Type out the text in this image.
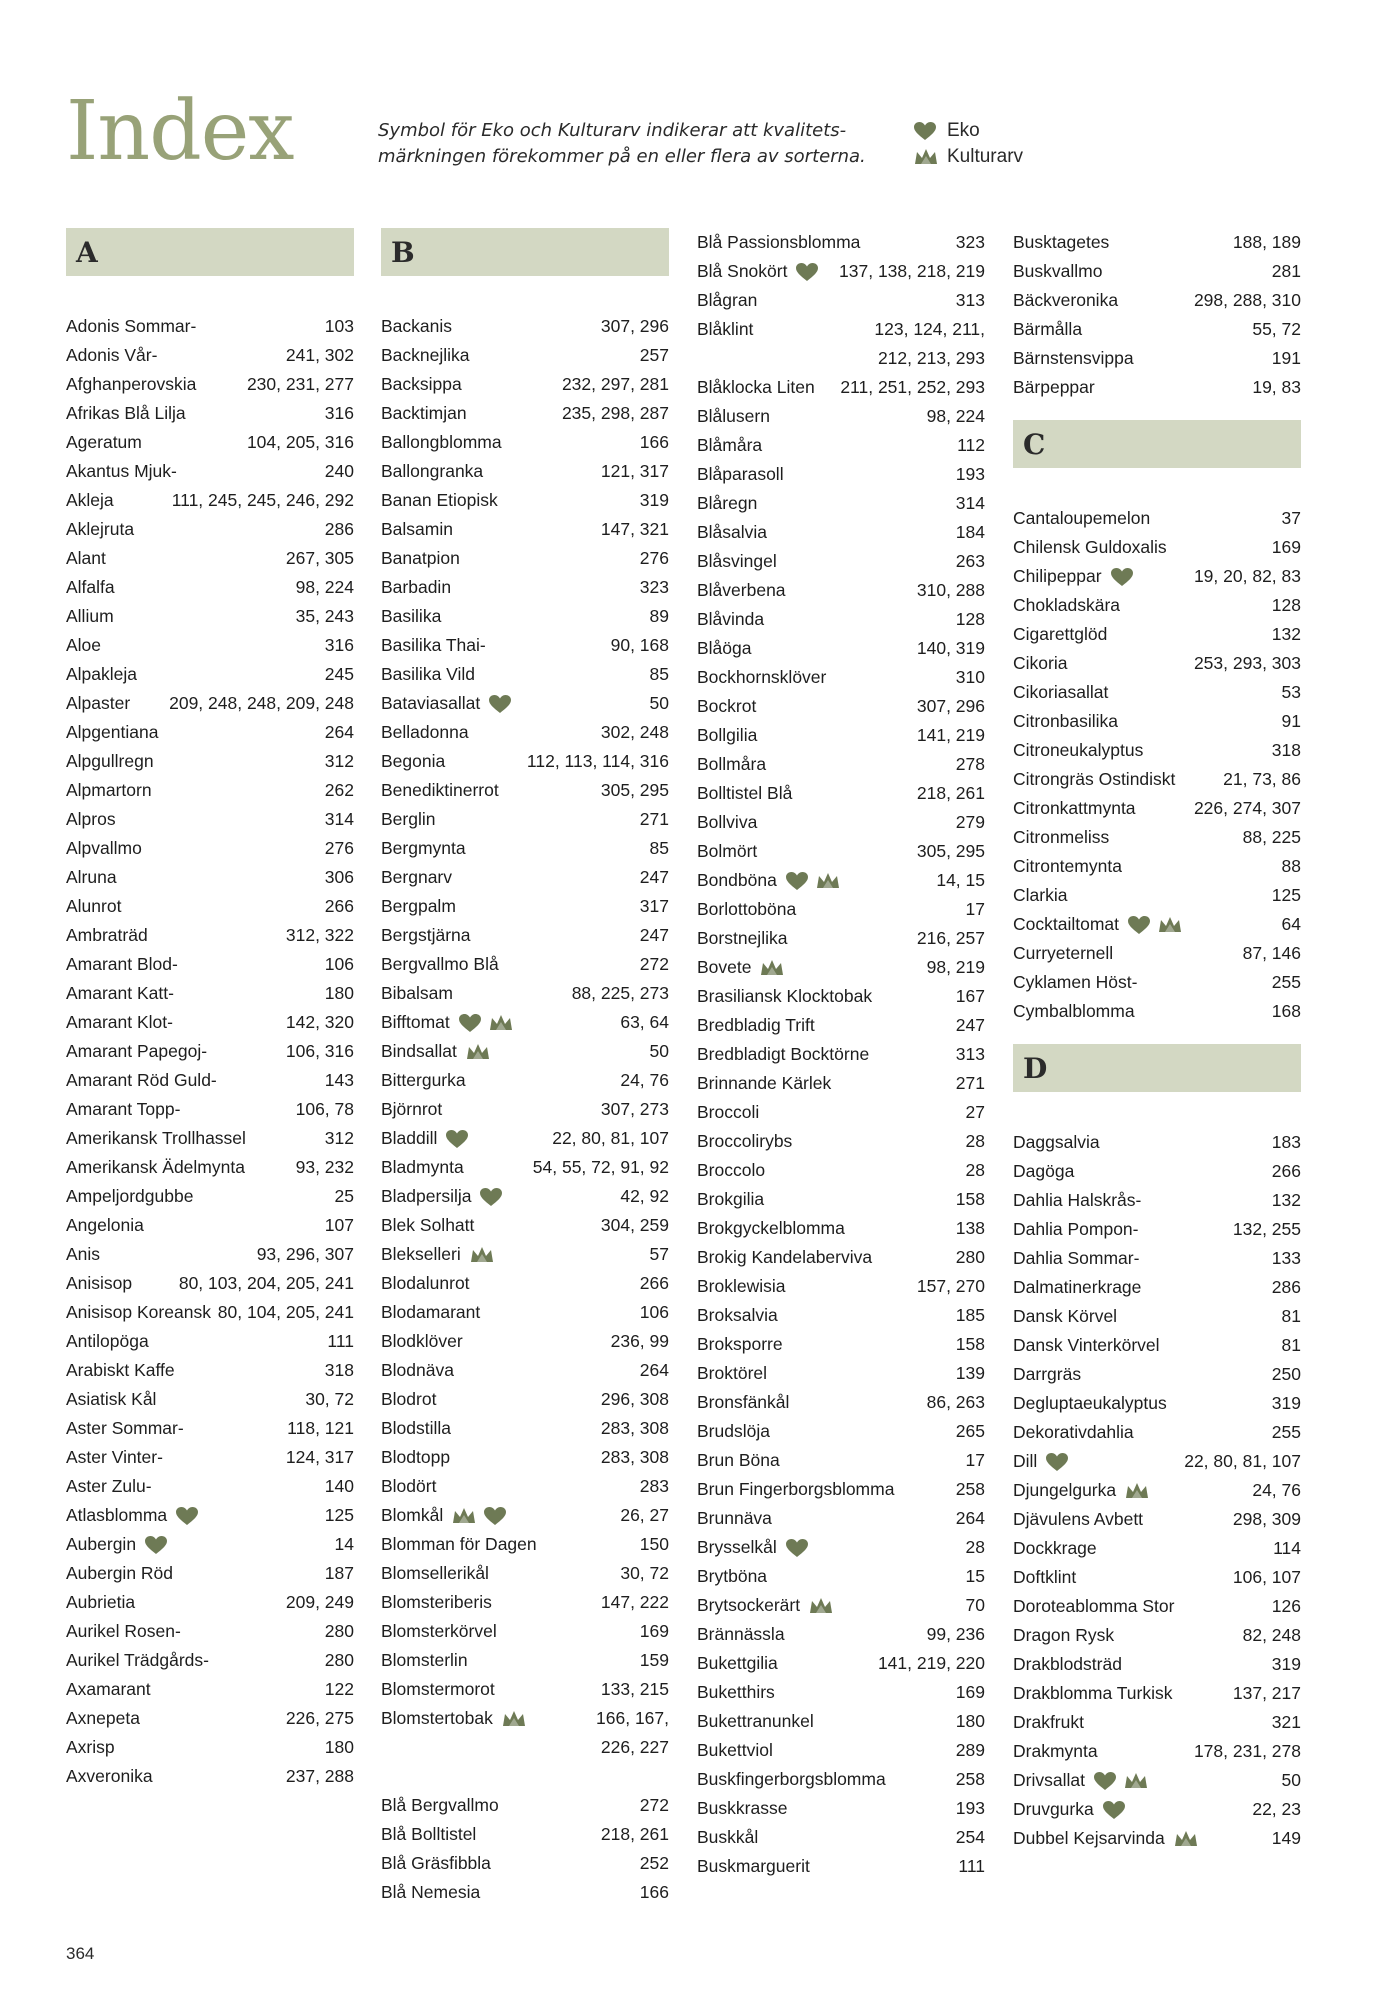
Index	Symbol för Eko och Kulturarv indikerar att kvalitets-
märkningen förekommer på en eller flera av sorterna.
Eko
Kulturarv
A
Adonis Sommar-	103
Adonis Vår-	241, 302
Afghanperovskia	230, 231, 277
Afrikas Blå Lilja	316
Ageratum	104, 205, 316
Akantus Mjuk-	240
Akleja	111, 245, 245, 246, 292
Aklejruta	286
Alant	267, 305
Alfalfa	98, 224
Allium	35, 243
Aloe	316
Alpakleja	245
Alpaster 209, 248, 248, 209, 248
Alpgentiana	264
Alpgullregn	312
Alpmartorn	262
Alpros	314
Alpvallmo	276
Alruna	306
Alunrot	266
Ambraträd	312, 322
Amarant Blod-	106
Amarant Katt-	180
Amarant Klot-	142, 320
Amarant Papegoj-	106, 316
Amarant Röd Guld-	143
Amarant Topp-	106, 78
Amerikansk Trollhassel	312
Amerikansk Ädelmynta	93, 232
Ampeljordgubbe	25
Angelonia	107
Anis	93, 296, 307
Anisisop	80, 103, 204, 205, 241
Anisisop Koreansk 80, 104, 205, 241
Antilopöga	111
Arabiskt Kaffe	318
Asiatisk Kål	30, 72
Aster Sommar-	118, 121
Aster Vinter-	124, 317
Aster Zulu-	140
Atlasblomma	125
Aubergin	14
Aubergin Röd	187
Aubrietia	209, 249
Aurikel Rosen-	280
Aurikel Trädgårds-	280
Axamarant	122
Axnepeta	226, 275
Axrisp	180
Axveronika	237, 288
B
Backanis	307, 296
Backnejlika	257
Backsippa	232, 297, 281
Backtimjan	235, 298, 287
Ballongblomma	166
Ballongranka	121, 317
Banan Etiopisk	319
Balsamin	147, 321
Banatpion	276
Barbadin	323
Basilika	89
Basilika Thai-	90, 168
Basilika Vild	85
Bataviasallat	50
Belladonna	302, 248
Begonia	112, 113, 114, 316
Benediktinerrot	305, 295
Berglin	271
Bergmynta	85
Bergnarv	247
Bergpalm	317
Bergstjärna	247
Bergvallmo Blå	272
Bibalsam	88, 225, 273
Bifftomat	63, 64
Bindsallat	50
Bittergurka	24, 76
Björnrot	307, 273
Bladdill	22, 80, 81, 107
Bladmynta	54, 55, 72, 91, 92
Bladpersilja	42, 92
Blek Solhatt	304, 259
Blekselleri	57
Blodalunrot	266
Blodamarant	106
Blodklöver	236, 99
Blodnäva	264
Blodrot	296, 308
Blodstilla	283, 308
Blodtopp	283, 308
Blodört	283
Blomkål	26, 27
Blomman för Dagen	150
Blomsellerikål	30, 72
Blomsteriberis	147, 222
Blomsterkörvel	169
Blomsterlin	159
Blomstermorot	133, 215
Blomstertobak	166, 167,
226, 227
Blå Bergvallmo	272
Blå Bolltistel	218, 261
Blå Gräsfibbla	252
Blå Nemesia	166
Blå Passionsblomma	323
Blå Snokört	137, 138, 218, 219
Blågran	313
Blåklint	123, 124, 211,
212, 213, 293
Blåklocka Liten 211, 251, 252, 293
Blålusern	98, 224
Blåmåra	112
Blåparasoll	193
Blåregn	314
Blåsalvia	184
Blåsvingel	263
Blåverbena	310, 288
Blåvinda	128
Blåöga	140, 319
Bockhornsklöver	310
Bockrot	307, 296
Bollgilia	141, 219
Bollmåra	278
Bolltistel Blå	218, 261
Bollviva	279
Bolmört	305, 295
Bondböna	14, 15
Borlottoböna	17
Borstnejlika	216, 257
Bovete	98, 219
Brasiliansk Klocktobak	167
Bredbladig Trift	247
Bredbladigt Bocktörne	313
Brinnande Kärlek	271
Broccoli	27
Broccolirybs	28
Broccolo	28
Brokgilia	158
Brokgyckelblomma	138
Brokig Kandelaberviva	280
Broklewisia	157, 270
Broksalvia	185
Broksporre	158
Broktörel	139
Bronsfänkål	86, 263
Brudslöja	265
Brun Böna	17
Brun Fingerborgsblomma	258
Brunnäva	264
Brysselkål	28
Brytböna	15
Brytsockerärt	70
Brännässla	99, 236
Bukettgilia	141, 219, 220
Buketthirs	169
Bukettranunkel	180
Bukettviol	289
Buskfingerborgsblomma	258
Buskkrasse	193
Buskkål	254
Buskmarguerit	111
Busktagetes	188, 189
Buskvallmo	281
Bäckveronika	298, 288, 310
Bärmålla	55, 72
Bärnstensvippa	191
Bärpeppar	19, 83
C
Cantaloupemelon	37
Chilensk Guldoxalis	169
Chilipeppar	19, 20, 82, 83
Chokladskära	128
Cigarettglöd	132
Cikoria	253, 293, 303
Cikoriasallat	53
Citronbasilika	91
Citroneukalyptus	318
Citrongräs Ostindiskt	21, 73, 86
Citronkattmynta	226, 274, 307
Citronmeliss	88, 225
Citrontemynta	88
Clarkia	125
Cocktailtomat	64
Curryeternell	87, 146
Cyklamen Höst-	255
Cymbalblomma	168
D
Daggsalvia	183
Dagöga	266
Dahlia Halskrås-	132
Dahlia Pompon-	132, 255
Dahlia Sommar-	133
Dalmatinerkrage	286
Dansk Körvel	81
Dansk Vinterkörvel	81
Darrgräs	250
Degluptaeukalyptus	319
Dekorativdahlia	255
Dill	22, 80, 81, 107
Djungelgurka	24, 76
Djävulens Avbett	298, 309
Dockkrage	114
Doftklint	106, 107
Doroteablomma Stor	126
Dragon Rysk	82, 248
Drakblodsträd	319
Drakblomma Turkisk	137, 217
Drakfrukt	321
Drakmynta	178, 231, 278
Drivsallat	50
Druvgurka	22, 23
Dubbel Kejsarvinda	149
364
